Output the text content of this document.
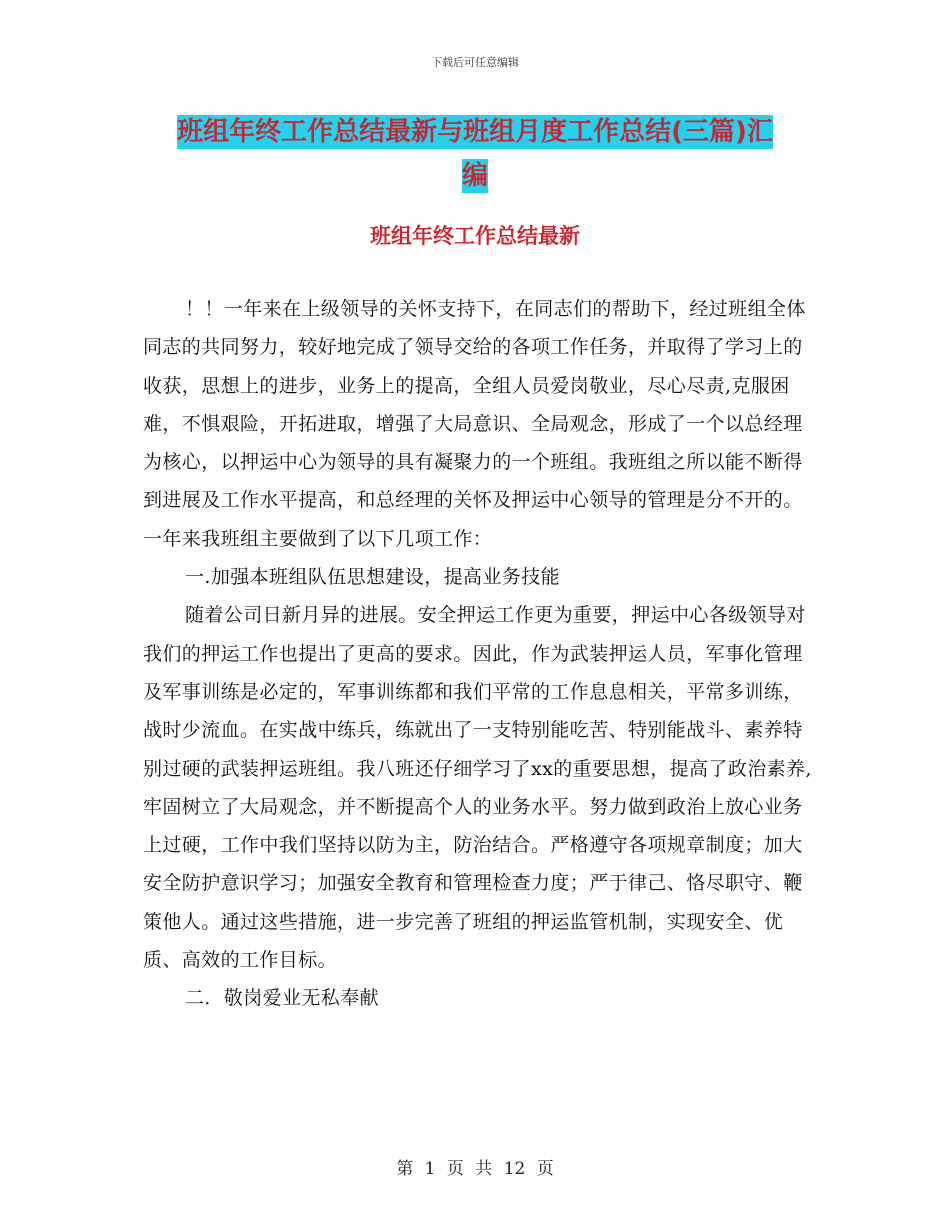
下载后可任意编辑
班组年终工作总结最新与班组月度工作总结(三篇)汇
编
班组年终工作总结最新

！！一年来在上级领导的关怀支持下，在同志们的帮助下，经过班组全体同志的共同努力，较好地完成了领导交给的各项工作任务，并取得了学习上的收获，思想上的进步，业务上的提高，全组人员爱岗敬业，尽心尽责,克服困难，不惧艰险，开拓进取，增强了大局意识、全局观念，形成了一个以总经理为核心，以押运中心为领导的具有凝聚力的一个班组。我班组之所以能不断得到进展及工作水平提高，和总经理的关怀及押运中心领导的管理是分不开的。一年来我班组主要做到了以下几项工作：

一.加强本班组队伍思想建设，提高业务技能

随着公司日新月异的进展。安全押运工作更为重要，押运中心各级领导对我们的押运工作也提出了更高的要求。因此，作为武装押运人员，军事化管理及军事训练是必定的，军事训练都和我们平常的工作息息相关，平常多训练，战时少流血。在实战中练兵，练就出了一支特别能吃苦、特别能战斗、素养特别过硬的武装押运班组。我八班还仔细学习了xx的重要思想，提高了政治素养,牢固树立了大局观念，并不断提高个人的业务水平。努力做到政治上放心业务上过硬，工作中我们坚持以防为主，防治结合。严格遵守各项规章制度；加大安全防护意识学习；加强安全教育和管理检查力度；严于律己、恪尽职守、鞭策他人。通过这些措施，进一步完善了班组的押运监管机制，实现安全、优质、高效的工作目标。

二．敬岗爱业无私奉献

第 1 页 共 12 页
